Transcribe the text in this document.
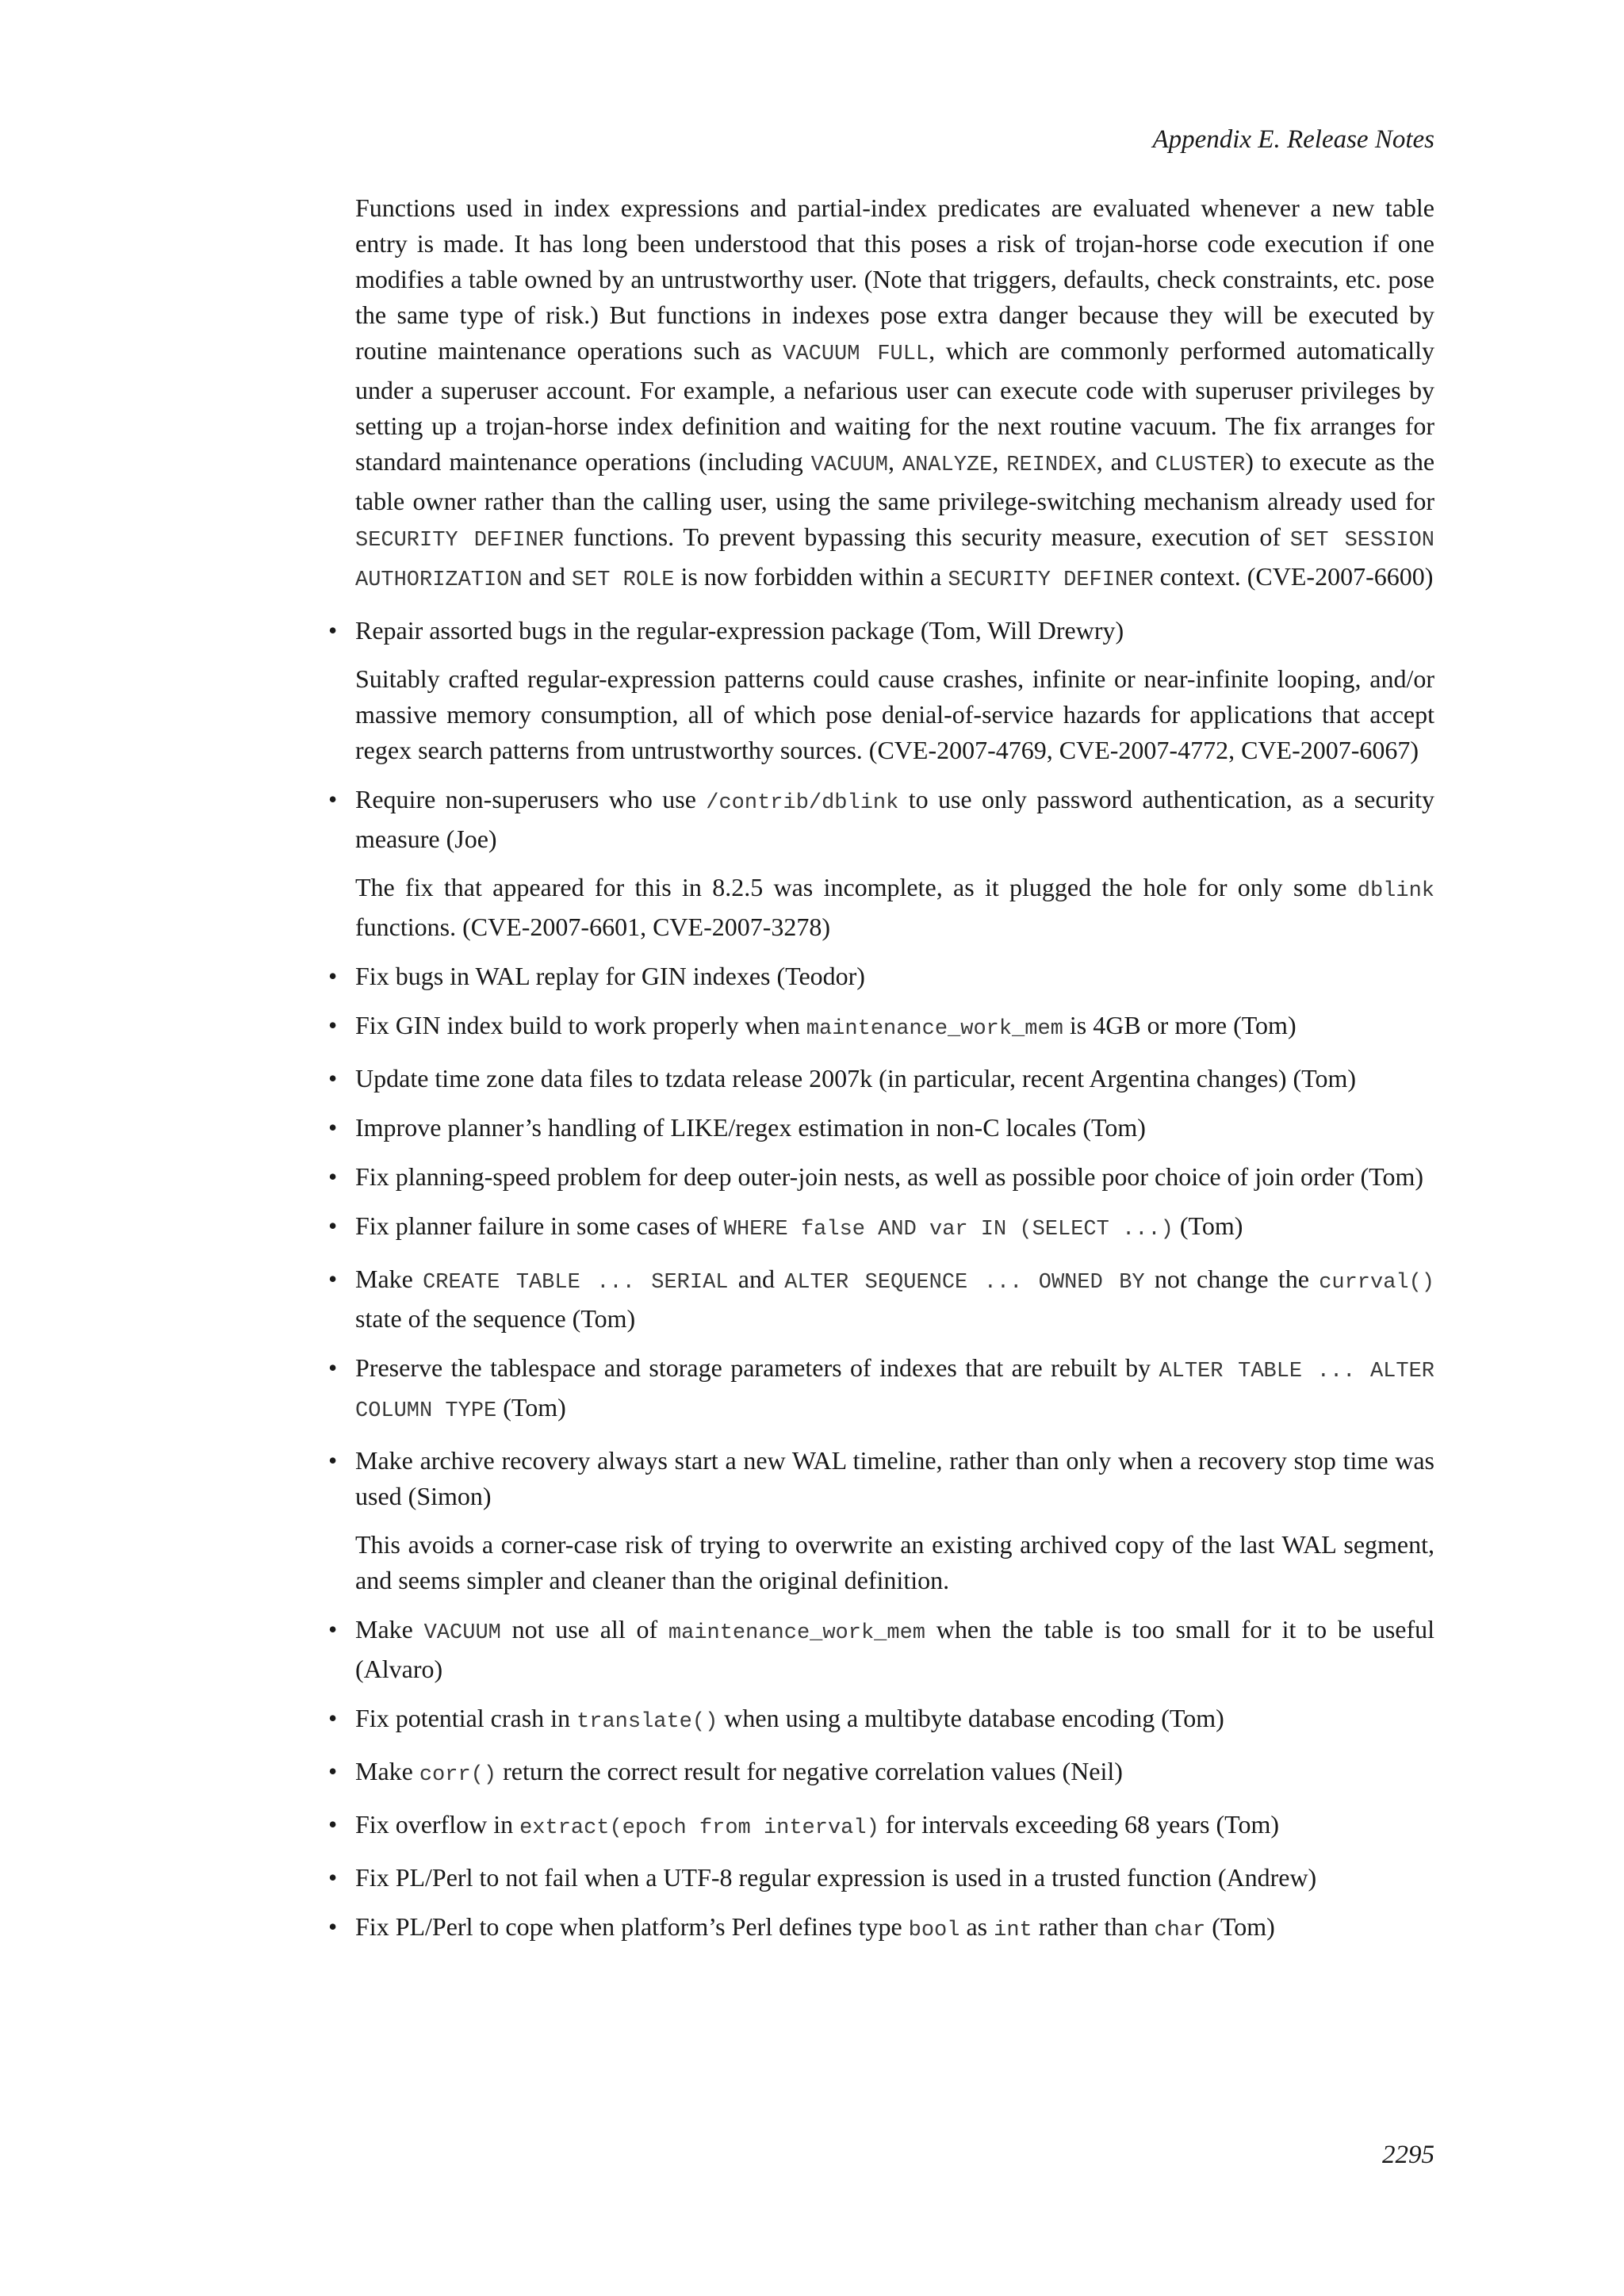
Appendix E. Release Notes

Functions used in index expressions and partial-index predicates are evaluated whenever a new table entry is made. It has long been understood that this poses a risk of trojan-horse code execution if one modifies a table owned by an untrustworthy user. (Note that triggers, defaults, check constraints, etc. pose the same type of risk.) But functions in indexes pose extra danger because they will be executed by routine maintenance operations such as VACUUM FULL, which are commonly performed automatically under a superuser account. For example, a nefarious user can execute code with superuser privileges by setting up a trojan-horse index definition and waiting for the next routine vacuum. The fix arranges for standard maintenance operations (including VACUUM, ANALYZE, REINDEX, and CLUSTER) to execute as the table owner rather than the calling user, using the same privilege-switching mechanism already used for SECURITY DEFINER functions. To prevent bypassing this security measure, execution of SET SESSION AUTHORIZATION and SET ROLE is now forbidden within a SECURITY DEFINER context. (CVE-2007-6600)

• Repair assorted bugs in the regular-expression package (Tom, Will Drewry)

Suitably crafted regular-expression patterns could cause crashes, infinite or near-infinite looping, and/or massive memory consumption, all of which pose denial-of-service hazards for applications that accept regex search patterns from untrustworthy sources. (CVE-2007-4769, CVE-2007-4772, CVE-2007-6067)

• Require non-superusers who use /contrib/dblink to use only password authentication, as a security measure (Joe)

The fix that appeared for this in 8.2.5 was incomplete, as it plugged the hole for only some dblink functions. (CVE-2007-6601, CVE-2007-3278)

• Fix bugs in WAL replay for GIN indexes (Teodor)

• Fix GIN index build to work properly when maintenance_work_mem is 4GB or more (Tom)

• Update time zone data files to tzdata release 2007k (in particular, recent Argentina changes) (Tom)

• Improve planner’s handling of LIKE/regex estimation in non-C locales (Tom)

• Fix planning-speed problem for deep outer-join nests, as well as possible poor choice of join order (Tom)

• Fix planner failure in some cases of WHERE false AND var IN (SELECT ...) (Tom)

• Make CREATE TABLE ... SERIAL and ALTER SEQUENCE ... OWNED BY not change the currval() state of the sequence (Tom)

• Preserve the tablespace and storage parameters of indexes that are rebuilt by ALTER TABLE ... ALTER COLUMN TYPE (Tom)

• Make archive recovery always start a new WAL timeline, rather than only when a recovery stop time was used (Simon)

This avoids a corner-case risk of trying to overwrite an existing archived copy of the last WAL segment, and seems simpler and cleaner than the original definition.

• Make VACUUM not use all of maintenance_work_mem when the table is too small for it to be useful (Alvaro)

• Fix potential crash in translate() when using a multibyte database encoding (Tom)

• Make corr() return the correct result for negative correlation values (Neil)

• Fix overflow in extract(epoch from interval) for intervals exceeding 68 years (Tom)

• Fix PL/Perl to not fail when a UTF-8 regular expression is used in a trusted function (Andrew)

• Fix PL/Perl to cope when platform’s Perl defines type bool as int rather than char (Tom)

2295
